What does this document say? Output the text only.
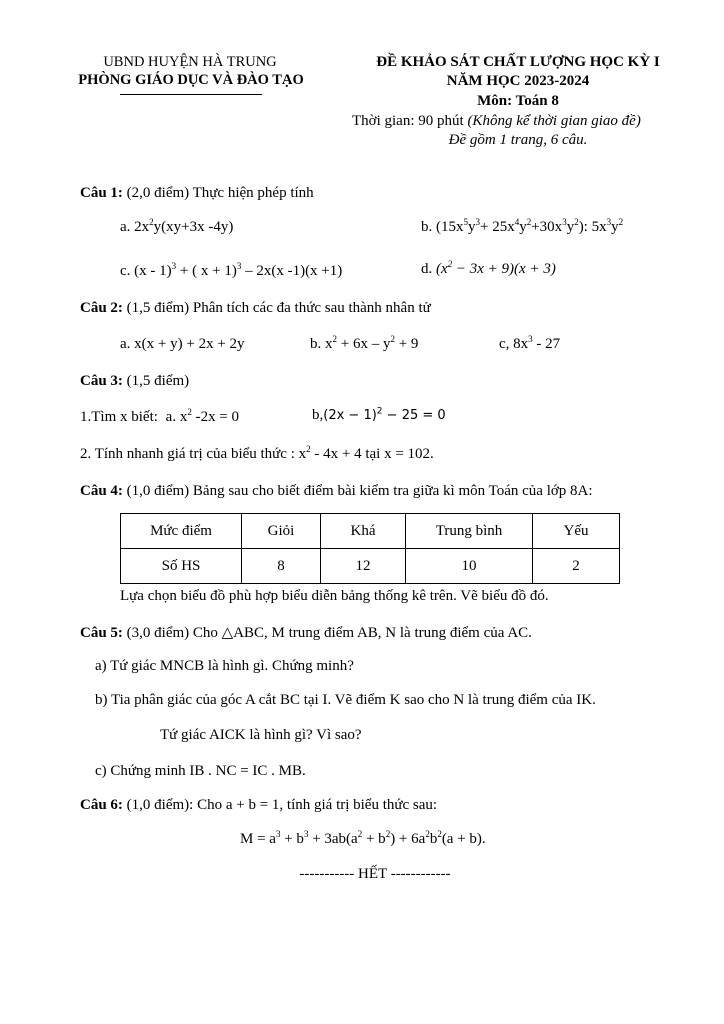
UBND HUYỆN HÀ TRUNG
PHÒNG GIÁO DỤC VÀ ĐÀO TẠO
ĐỀ KHẢO SÁT CHẤT LƯỢNG HỌC KỲ I
NĂM HỌC 2023-2024
Môn: Toán 8
Thời gian: 90 phút (Không kể thời gian giao đề)
Đề gồm 1 trang, 6 câu.
Câu 1: (2,0 điểm) Thực hiện phép tính
a. $2x^2y(xy+3x$ -4y)	b. $(15x^5y^3+ 25x^4y^2+30x^3y^2)$: $5x^3y^2$
c. (x - 1)$^3$ + ( x + 1)$^3$ – 2x(x -1)(x +1)	d. $(x^2 - 3x + 9)(x + 3)$
Câu 2: (1,5 điểm) Phân tích các đa thức sau thành nhân tử
a. x(x + y) + 2x + 2y	b. $x^2 + 6x - y^2 + 9$	c, $8x^3 - 27$
Câu 3: (1,5 điểm)
1.Tìm x biết: a. $x^2$ -2x = 0	$b,(2x - 1)^2 - 25 = 0$
2. Tính nhanh giá trị của biểu thức : $x^2 - 4x + 4$ tại x = 102.
Câu 4: (1,0 điểm) Bảng sau cho biết điểm bài kiểm tra giữa kì môn Toán của lớp 8A:
Mức điểm	Giỏi	Khá	Trung bình	Yếu
Số HS	8	12	10	2
Lựa chọn biểu đồ phù hợp biểu diễn bảng thống kê trên. Vẽ biểu đồ đó.
Câu 5: (3,0 điểm) Cho △ABC, M trung điểm AB, N là trung điểm của AC.
a) Tứ giác MNCB là hình gì. Chứng minh?
b) Tia phân giác của góc A cắt BC tại I. Vẽ điểm K sao cho N là trung điểm của IK.
Tứ giác AICK là hình gì? Vì sao?
c) Chứng minh IB . NC = IC . MB.
Câu 6: (1,0 điểm): Cho a + b = 1, tính giá trị biểu thức sau:
$M = a^3 + b^3 + 3ab(a^2 + b^2) + 6a^2b^2(a + b)$.
----------- HẾT ------------
